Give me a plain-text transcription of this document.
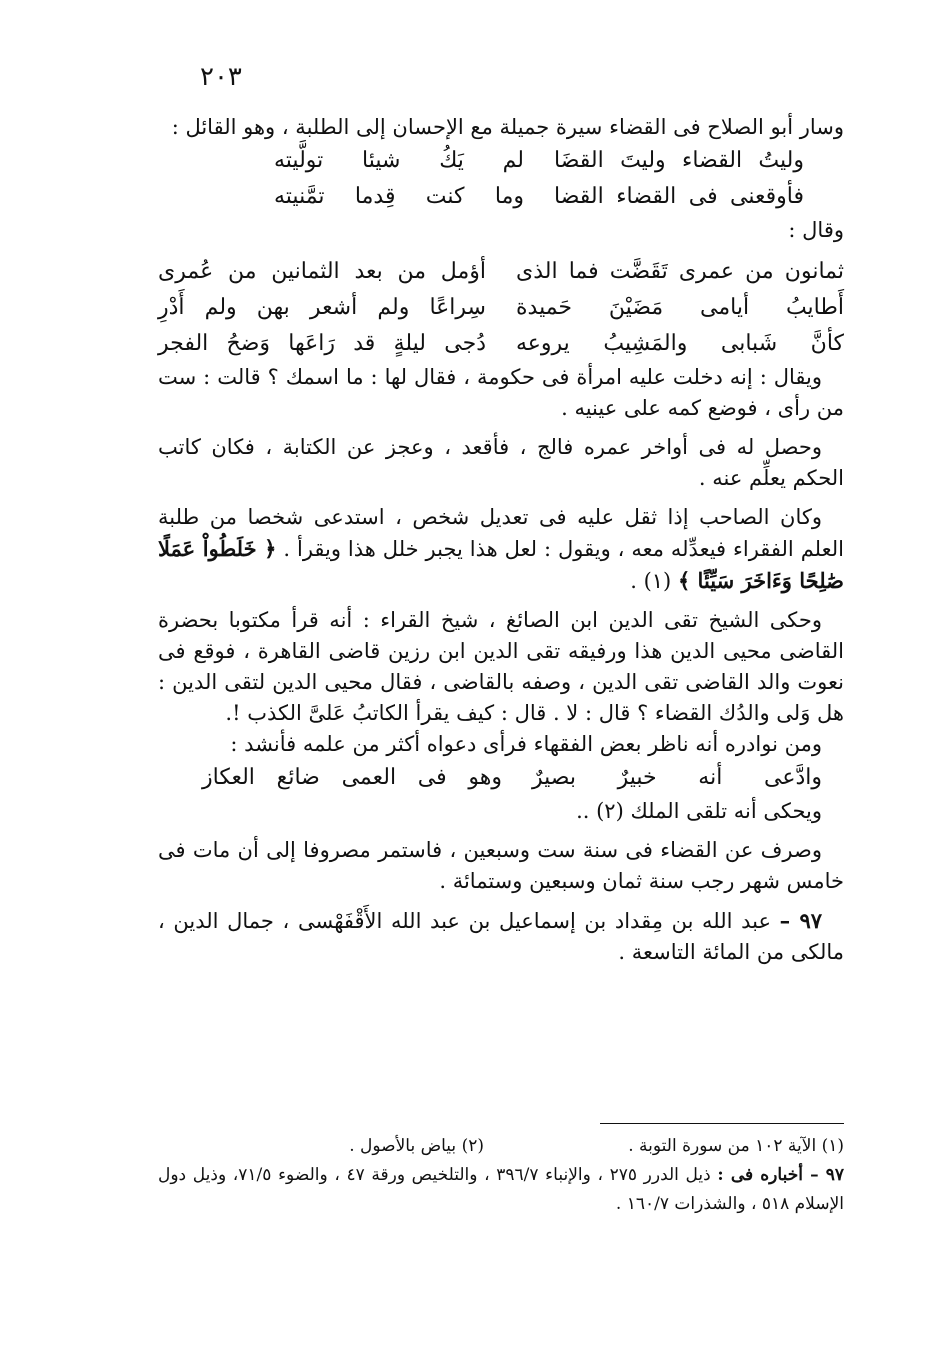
٢٠٣

وسار أبو الصلاح فى القضاء سيرة جميلة مع الإحسان إلى الطلبة ، وهو القائل :

وليتُ القضاء وليتَ القضَا
لم يَكُ شيئا تولَّيته
فأوقعنى فى القضاء القضا
وما كنت قِدما تمَّنيته

وقال :

ثمانون من عمرى تَقَضَّت فما الذى
أؤمل من بعد الثمانين من عُمرى
أَطايبُ أيامى مَضَيْنَ حَميدة
سِراعًا ولم أشعر بهن ولم أَدْرِ
كأنَّ شَبابى والمَشِيبُ يروعه
دُجى ليلةٍ قد رَاعَها وَضحُ الفجر

ويقال : إنه دخلت عليه امرأة فى حكومة ، فقال لها : ما اسمك ؟ قالت : ست من رأى ، فوضع كمه على عينيه .

وحصل له فى أواخر عمره فالج ، فأقعد ، وعجز عن الكتابة ، فكان كاتب الحكم يعلِّم عنه .

وكان الصاحب إذا ثقل عليه فى تعديل شخص ، استدعى شخصا من طلبة العلم الفقراء فيعدِّله معه ، ويقول : لعل هذا يجبر خلل هذا ويقرأ . ﴿ خَلَطُواْ عَمَلًا صَٰلِحًا وَءَاخَرَ سَيِّئًا ﴾ (١) .

وحكى الشيخ تقى الدين ابن الصائغ ، شيخ القراء : أنه قرأ مكتوبا بحضرة القاضى محيى الدين هذا ورفيقه تقى الدين ابن رزين قاضى القاهرة ، فوقع فى نعوت والد القاضى تقى الدين ، وصفه بالقاضى ، فقال محيى الدين لتقى الدين : هل وَلى والدُك القضاء ؟ قال : لا . قال : كيف يقرأ الكاتبُ عَلىَّ الكذب !.

ومن نوادره أنه ناظر بعض الفقهاء فرأى دعواه أكثر من علمه فأنشد :

وادَّعى أنه خبيرٌ بصيرٌ
وهو فى العمى ضائع العكاز

ويحكى أنه تلقى الملك (٢) ..

وصرف عن القضاء فى سنة ست وسبعين ، فاستمر مصروفا إلى أن مات فى خامس شهر رجب سنة ثمان وسبعين وستمائة .

٩٧ – عبد الله بن مِقداد بن إسماعيل بن عبد الله الأَقْفَهْسى ، جمال الدين ، مالكى من المائة التاسعة .

(١) الآية ١٠٢ من سورة التوبة .
(٢) بياض بالأصول .
٩٧ – أخباره فى : ذيل الدرر ٢٧٥ ، والإنباء ٣٩٦/٧ ، والتلخيص ورقة ٤٧ ، والضوء ٧١/٥، وذيل دول الإسلام ٥١٨ ، والشذرات ١٦٠/٧ .
